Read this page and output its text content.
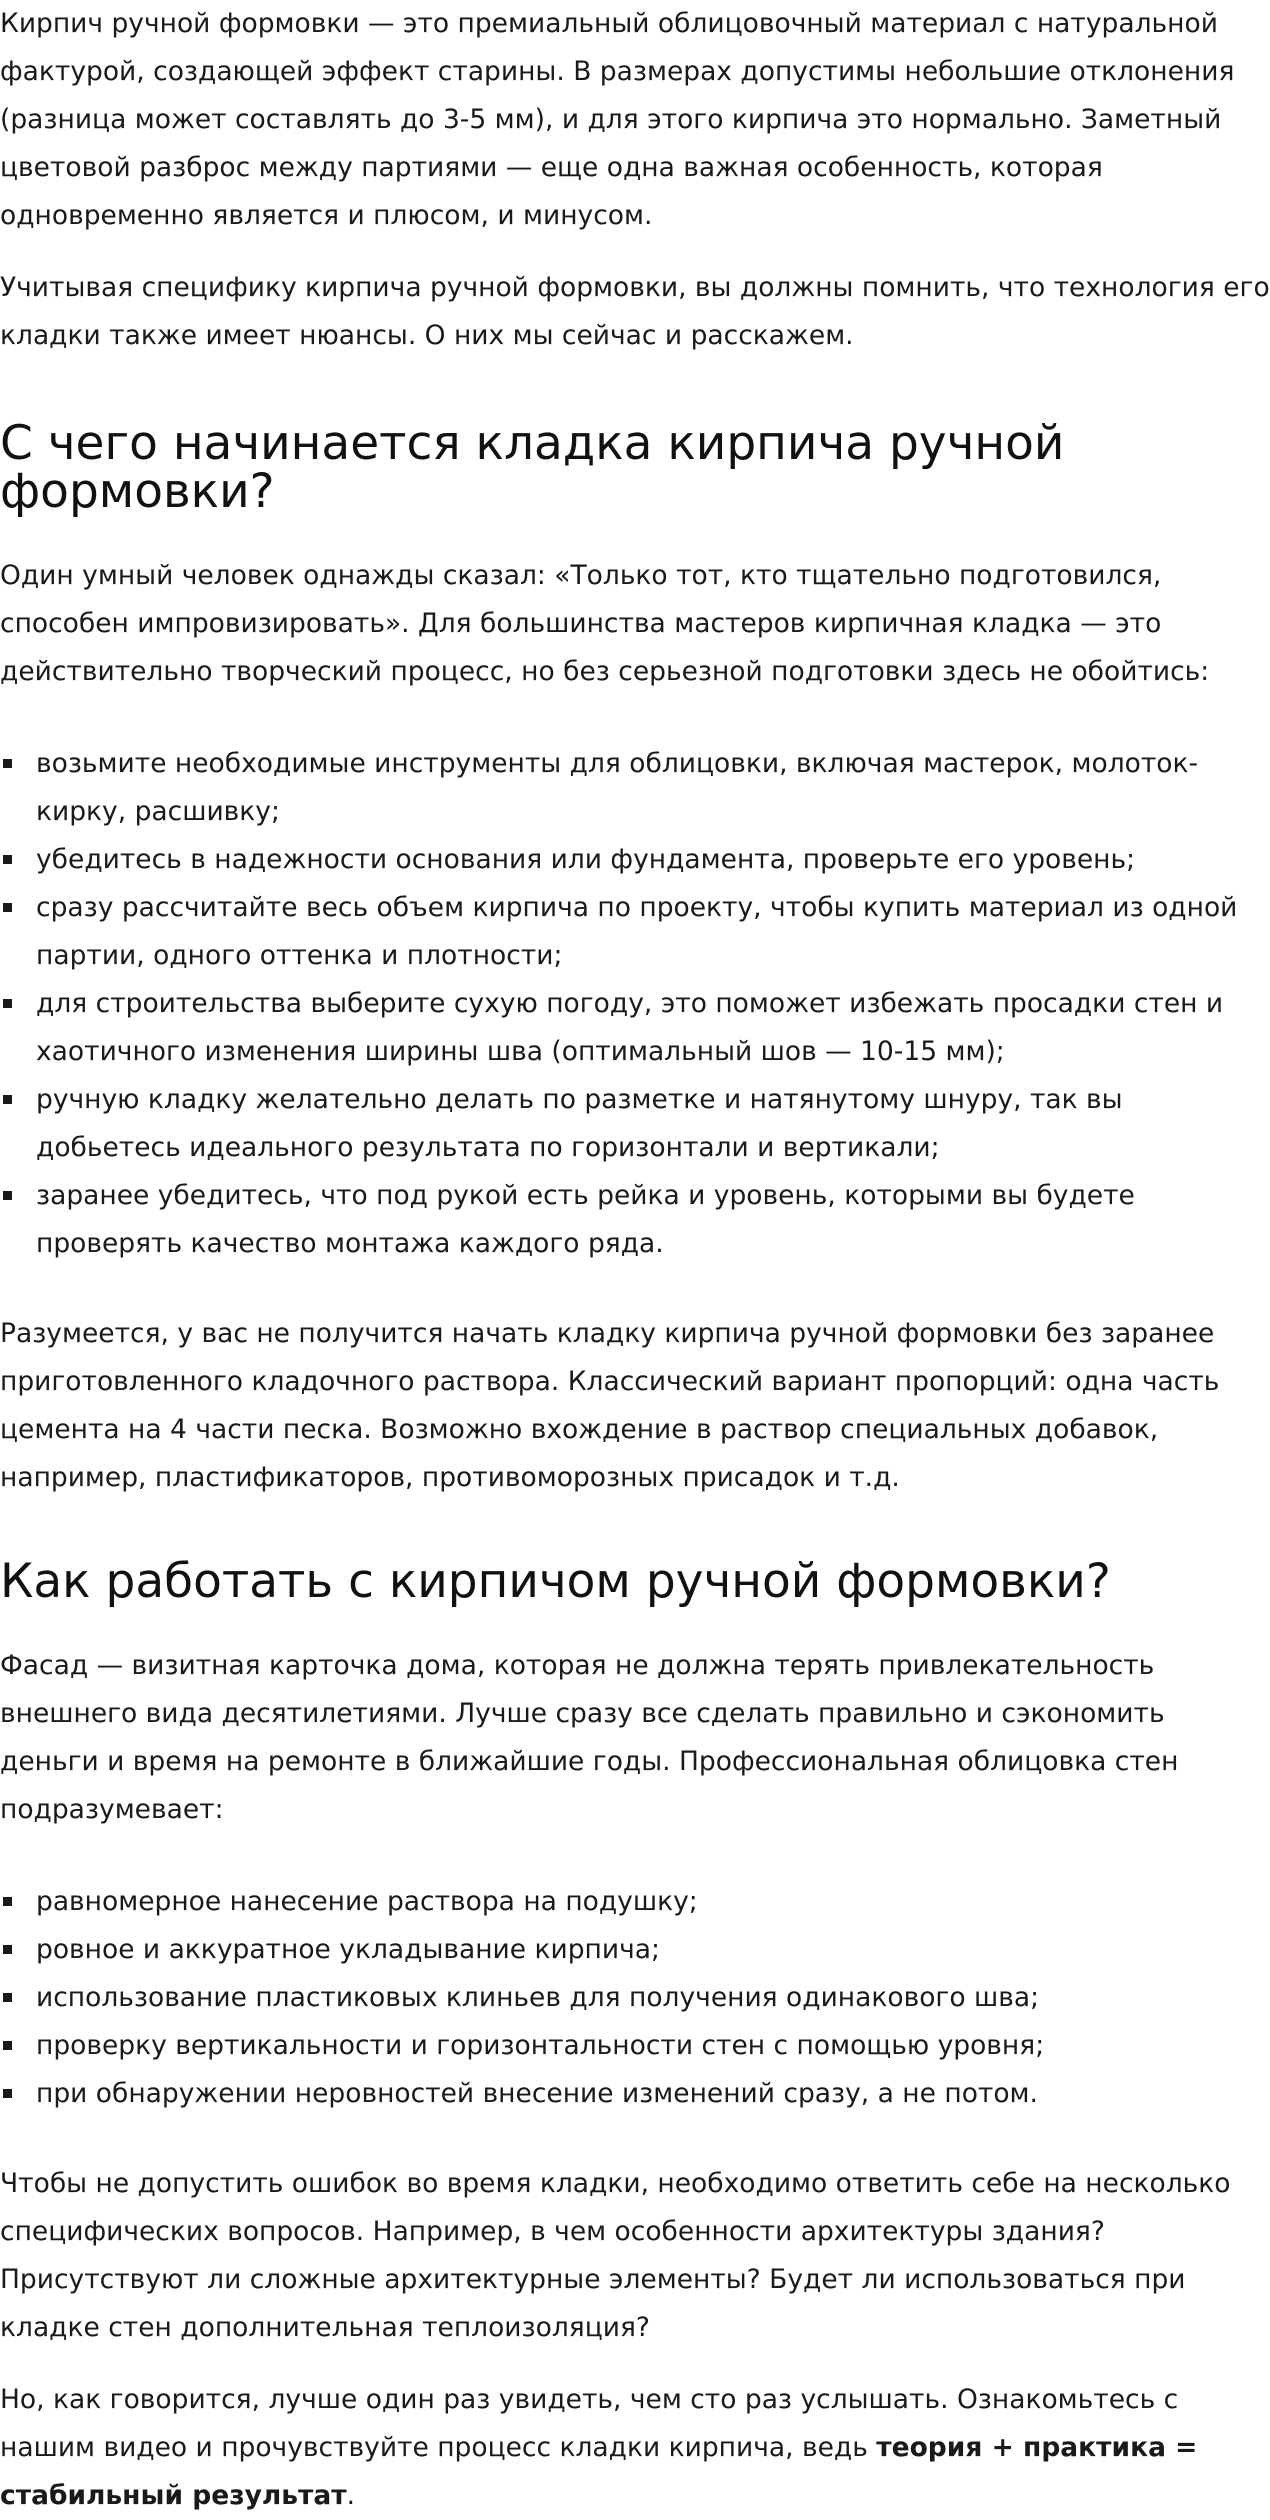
Кирпич ручной формовки — это премиальный облицовочный материал с натуральной фактурой, создающей эффект старины. В размерах допустимы небольшие отклонения (разница может составлять до 3-5 мм), и для этого кирпича это нормально. Заметный цветовой разброс между партиями — еще одна важная особенность, которая одновременно является и плюсом, и минусом.

Учитывая специфику кирпича ручной формовки, вы должны помнить, что технология его кладки также имеет нюансы. О них мы сейчас и расскажем.

С чего начинается кладка кирпича ручной формовки?

Один умный человек однажды сказал: «Только тот, кто тщательно подготовился, способен импровизировать». Для большинства мастеров кирпичная кладка — это действительно творческий процесс, но без серьезной подготовки здесь не обойтись:

возьмите необходимые инструменты для облицовки, включая мастерок, молоток-кирку, расшивку;
убедитесь в надежности основания или фундамента, проверьте его уровень;
сразу рассчитайте весь объем кирпича по проекту, чтобы купить материал из одной партии, одного оттенка и плотности;
для строительства выберите сухую погоду, это поможет избежать просадки стен и хаотичного изменения ширины шва (оптимальный шов — 10-15 мм);
ручную кладку желательно делать по разметке и натянутому шнуру, так вы добьетесь идеального результата по горизонтали и вертикали;
заранее убедитесь, что под рукой есть рейка и уровень, которыми вы будете проверять качество монтажа каждого ряда.

Разумеется, у вас не получится начать кладку кирпича ручной формовки без заранее приготовленного кладочного раствора. Классический вариант пропорций: одна часть цемента на 4 части песка. Возможно вхождение в раствор специальных добавок, например, пластификаторов, противоморозных присадок и т.д.

Как работать с кирпичом ручной формовки?

Фасад — визитная карточка дома, которая не должна терять привлекательность внешнего вида десятилетиями. Лучше сразу все сделать правильно и сэкономить деньги и время на ремонте в ближайшие годы. Профессиональная облицовка стен подразумевает:

равномерное нанесение раствора на подушку;
ровное и аккуратное укладывание кирпича;
использование пластиковых клиньев для получения одинакового шва;
проверку вертикальности и горизонтальности стен с помощью уровня;
при обнаружении неровностей внесение изменений сразу, а не потом.

Чтобы не допустить ошибок во время кладки, необходимо ответить себе на несколько специфических вопросов. Например, в чем особенности архитектуры здания? Присутствуют ли сложные архитектурные элементы? Будет ли использоваться при кладке стен дополнительная теплоизоляция?

Но, как говорится, лучше один раз увидеть, чем сто раз услышать. Ознакомьтесь с нашим видео и прочувствуйте процесс кладки кирпича, ведь теория + практика = стабильный результат.
